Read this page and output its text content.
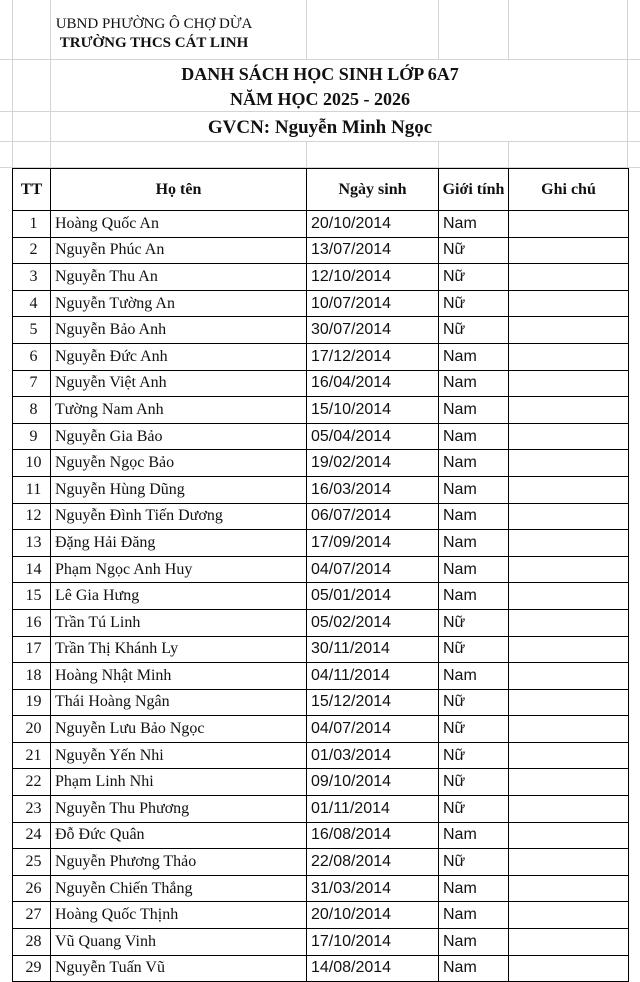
UBND PHƯỜNG Ô CHỢ DỪA
TRƯỜNG THCS CÁT LINH
DANH SÁCH HỌC SINH LỚP 6A7
NĂM HỌC 2025 - 2026
GVCN: Nguyễn Minh Ngọc
TT	Họ tên	Ngày sinh	Giới tính	Ghi chú
1	Hoàng Quốc An	20/10/2014	Nam	
2	Nguyễn Phúc An	13/07/2014	Nữ	
3	Nguyễn Thu An	12/10/2014	Nữ	
4	Nguyễn Tường An	10/07/2014	Nữ	
5	Nguyễn Bảo Anh	30/07/2014	Nữ	
6	Nguyễn Đức Anh	17/12/2014	Nam	
7	Nguyễn Việt Anh	16/04/2014	Nam	
8	Tường Nam Anh	15/10/2014	Nam	
9	Nguyễn Gia Bảo	05/04/2014	Nam	
10	Nguyễn Ngọc Bảo	19/02/2014	Nam	
11	Nguyễn Hùng Dũng	16/03/2014	Nam	
12	Nguyễn Đình Tiến Dương	06/07/2014	Nam	
13	Đặng Hải Đăng	17/09/2014	Nam	
14	Phạm Ngọc Anh Huy	04/07/2014	Nam	
15	Lê Gia Hưng	05/01/2014	Nam	
16	Trần Tú Linh	05/02/2014	Nữ	
17	Trần Thị Khánh Ly	30/11/2014	Nữ	
18	Hoàng Nhật Minh	04/11/2014	Nam	
19	Thái Hoàng Ngân	15/12/2014	Nữ	
20	Nguyễn Lưu Bảo Ngọc	04/07/2014	Nữ	
21	Nguyễn Yến Nhi	01/03/2014	Nữ	
22	Phạm Linh Nhi	09/10/2014	Nữ	
23	Nguyễn Thu Phương	01/11/2014	Nữ	
24	Đỗ Đức Quân	16/08/2014	Nam	
25	Nguyễn Phương Thảo	22/08/2014	Nữ	
26	Nguyễn Chiến Thắng	31/03/2014	Nam	
27	Hoàng Quốc Thịnh	20/10/2014	Nam	
28	Vũ Quang Vinh	17/10/2014	Nam	
29	Nguyễn Tuấn Vũ	14/08/2014	Nam	
